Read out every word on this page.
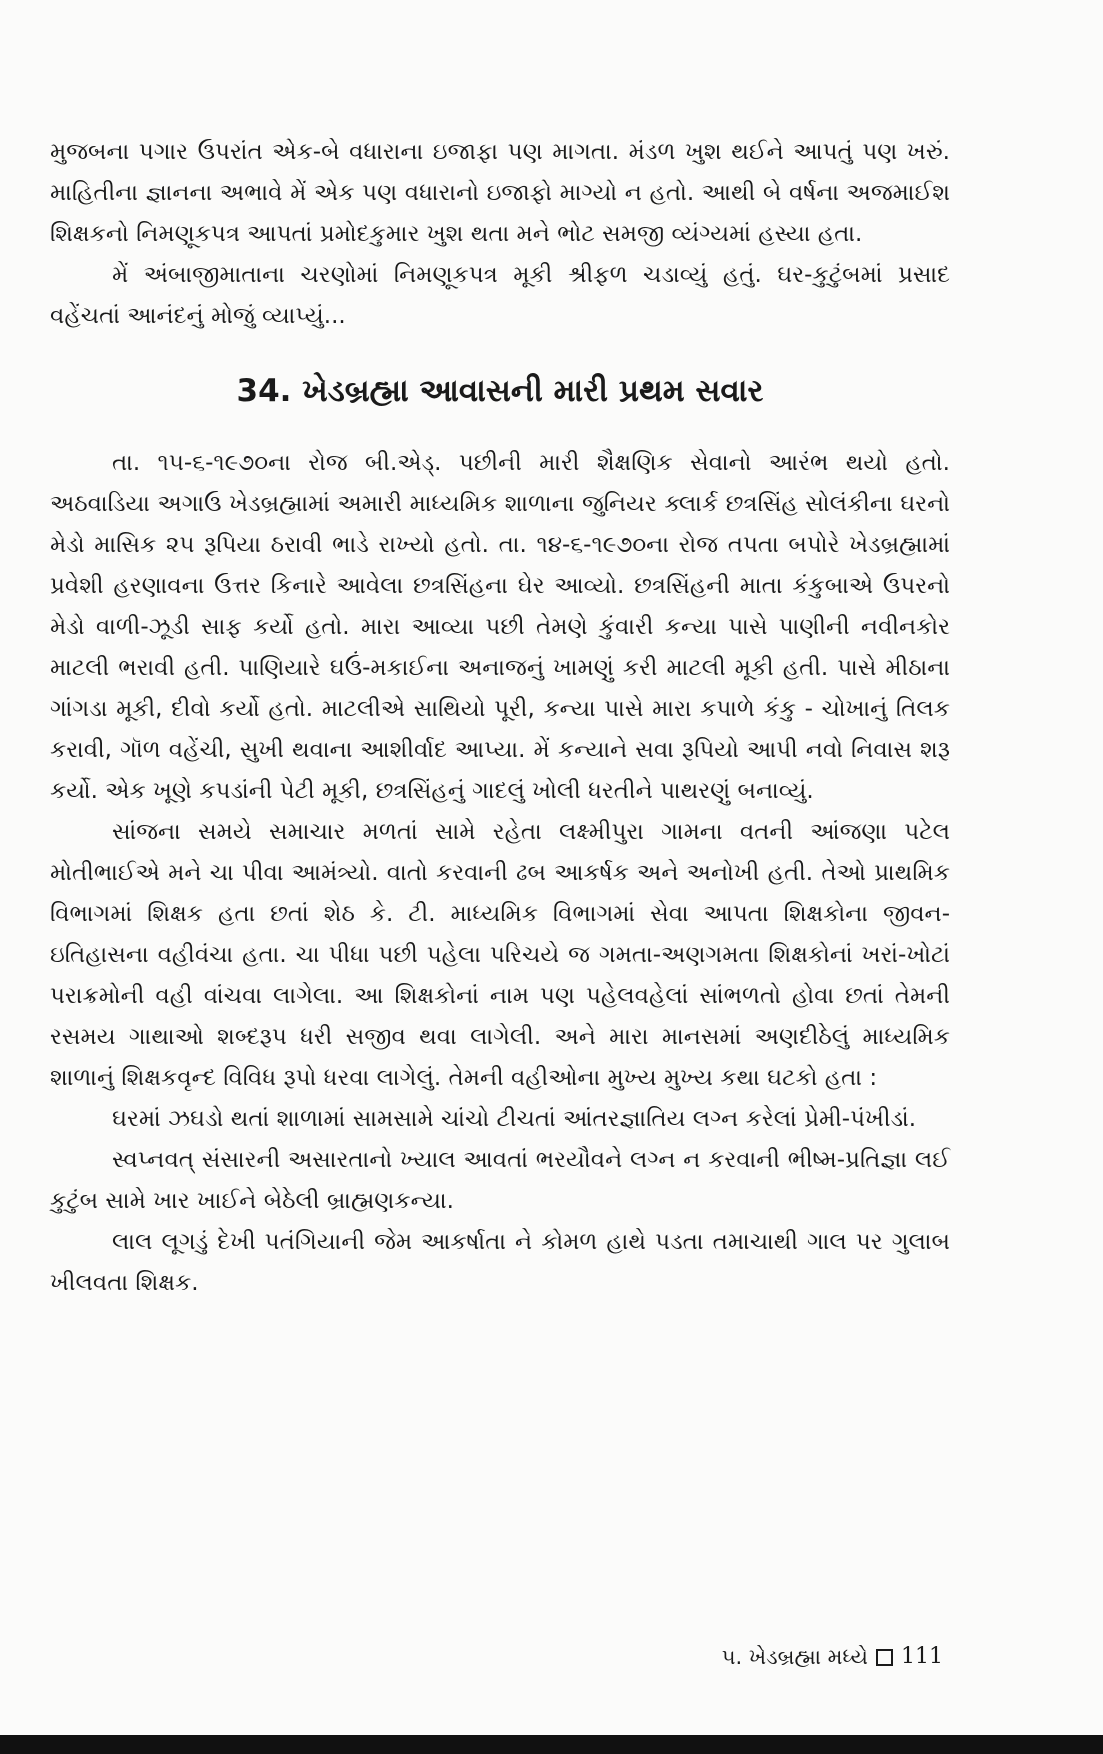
મુજબના પગાર ઉપરાંત એક-બે વધારાના ઇજાફા પણ માગતા. મંડળ ખુશ થઈને આપતું પણ ખરું. માહિતીના જ્ઞાનના અભાવે મેં એક પણ વધારાનો ઇજાફો માગ્યો ન હતો. આથી બે વર્ષના અજમાઈશ શિક્ષકનો નિમણૂકપત્ર આપતાં પ્રમોદકુમાર ખુશ થતા મને ભોટ સમજી વ્યંગ્યમાં હસ્યા હતા.

મેં અંબાજીમાતાના ચરણોમાં નિમણૂકપત્ર મૂકી શ્રીફળ ચડાવ્યું હતું. ઘર-કુટુંબમાં પ્રસાદ વહેંચતાં આનંદનું મોજું વ્યાપ્યું...

34. ખેડબ્રહ્મા આવાસની મારી પ્રથમ સવાર

તા. ૧૫-૬-૧૯૭૦ના રોજ બી.એડ્. પછીની મારી શૈક્ષણિક સેવાનો આરંભ થયો હતો. અઠવાડિયા અગાઉ ખેડબ્રહ્મામાં અમારી માધ્યમિક શાળાના જુનિયર ક્લાર્ક છત્રસિંહ સોલંકીના ઘરનો મેડો માસિક ૨૫ રૂપિયા ઠરાવી ભાડે રાખ્યો હતો. તા. ૧૪-૬-૧૯૭૦ના રોજ તપતા બપોરે ખેડબ્રહ્મામાં પ્રવેશી હરણાવના ઉત્તર કિનારે આવેલા છત્રસિંહના ઘેર આવ્યો. છત્રસિંહની માતા કંકુબાએ ઉપરનો મેડો વાળી-ઝૂડી સાફ કર્યો હતો. મારા આવ્યા પછી તેમણે કુંવારી કન્યા પાસે પાણીની નવીનકોર માટલી ભરાવી હતી. પાણિયારે ઘઉં-મકાઈના અનાજનું ખામણું કરી માટલી મૂકી હતી. પાસે મીઠાના ગાંગડા મૂકી, દીવો કર્યો હતો. માટલીએ સાથિયો પૂરી, કન્યા પાસે મારા કપાળે કંકુ - ચોખાનું તિલક કરાવી, ગૉળ વહેંચી, સુખી થવાના આશીર્વાદ આપ્યા. મેં કન્યાને સવા રૂપિયો આપી નવો નિવાસ શરૂ કર્યો. એક ખૂણે કપડાંની પેટી મૂકી, છત્રસિંહનું ગાદલું ખોલી ધરતીને પાથરણું બનાવ્યું.

સાંજના સમયે સમાચાર મળતાં સામે રહેતા લક્ષ્મીપુરા ગામના વતની આંજણા પટેલ મોતીભાઈએ મને ચા પીવા આમંત્ર્યો. વાતો કરવાની ઢબ આકર્ષક અને અનોખી હતી. તેઓ પ્રાથમિક વિભાગમાં શિક્ષક હતા છતાં શેઠ કે. ટી. માધ્યમિક વિભાગમાં સેવા આપતા શિક્ષકોના જીવન-ઇતિહાસના વહીવંચા હતા. ચા પીધા પછી પહેલા પરિચયે જ ગમતા-અણગમતા શિક્ષકોનાં ખરાં-ખોટાં પરાક્રમોની વહી વાંચવા લાગેલા. આ શિક્ષકોનાં નામ પણ પહેલવહેલાં સાંભળતો હોવા છતાં તેમની રસમય ગાથાઓ શબ્દરૂપ ધરી સજીવ થવા લાગેલી. અને મારા માનસમાં અણદીઠેલું માધ્યમિક શાળાનું શિક્ષકવૃન્દ વિવિધ રૂપો ધરવા લાગેલું. તેમની વહીઓના મુખ્ય મુખ્ય કથા ઘટકો હતા :

ઘરમાં ઝઘડો થતાં શાળામાં સામસામે ચાંચો ટીચતાં આંતરજ્ઞાતિય લગ્ન કરેલાં પ્રેમી-પંખીડાં.

સ્વપ્નવત્ સંસારની અસારતાનો ખ્યાલ આવતાં ભરયૌવને લગ્ન ન કરવાની ભીષ્મ-પ્રતિજ્ઞા લઈ કુટુંબ સામે ખાર ખાઈને બેઠેલી બ્રાહ્મણકન્યા.

લાલ લૂગડું દેખી પતંગિયાની જેમ આકર્ષાતા ને કોમળ હાથે પડતા તમાચાથી ગાલ પર ગુલાબ ખીલવતા શિક્ષક.

૫. ખેડબ્રહ્મા મધ્યે 111
